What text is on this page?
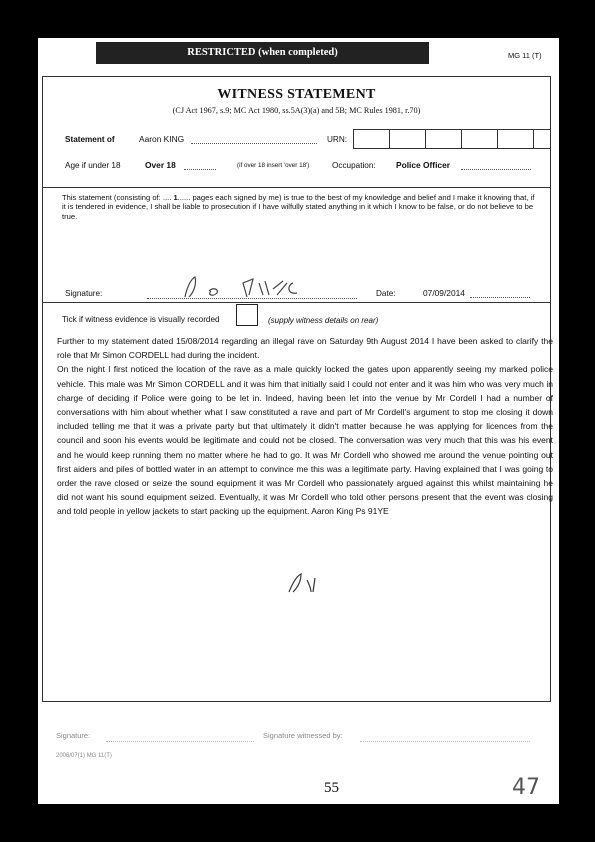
RESTRICTED (when completed)	MG 11 (T)
WITNESS STATEMENT
(CJ Act 1967, s.9; MC Act 1980, ss.5A(3)(a) and 5B; MC Rules 1981, r.70)
Statement of	Aaron KING	URN:
Age if under 18	Over 18	(if over 18 insert 'over 18')	Occupation: Police Officer
This statement (consisting of: .... 1...... pages each signed by me) is true to the best of my knowledge and belief and I make it knowing that, if it is tendered in evidence, I shall be liable to prosecution if I have wilfully stated anything in it which I know to be false, or do not believe to be true.
Signature:	Date:	07/09/2014
Tick if witness evidence is visually recorded	(supply witness details on rear)

Further to my statement dated 15/08/2014 regarding an illegal rave on Saturday 9th August 2014 I have been asked to clarify the role that Mr Simon CORDELL had during the incident.

On the night I first noticed the location of the rave as a male quickly locked the gates upon apparently seeing my marked police vehicle. This male was Mr Simon CORDELL and it was him that initially said I could not enter and it was him who was very much in charge of deciding if Police were going to be let in. Indeed, having been let into the venue by Mr Cordell I had a number of conversations with him about whether what I saw constituted a rave and part of Mr Cordell's argument to stop me closing it down included telling me that it was a private party but that ultimately it didn't matter because he was applying for licences from the council and soon his events would be legitimate and could not be closed. The conversation was very much that this was his event and he would keep running them no matter where he had to go. It was Mr Cordell who showed me around the venue pointing out first aiders and piles of bottled water in an attempt to convince me this was a legitimate party. Having explained that I was going to order the rave closed or seize the sound equipment it was Mr Cordell who passionately argued against this whilst maintaining he did not want his sound equipment seized. Eventually, it was Mr Cordell who told other persons present that the event was closing and told people in yellow jackets to start packing up the equipment. Aaron King Ps 91YE

Signature:	Signature witnessed by:
2006/07(1) MG 11(T)
55	47
